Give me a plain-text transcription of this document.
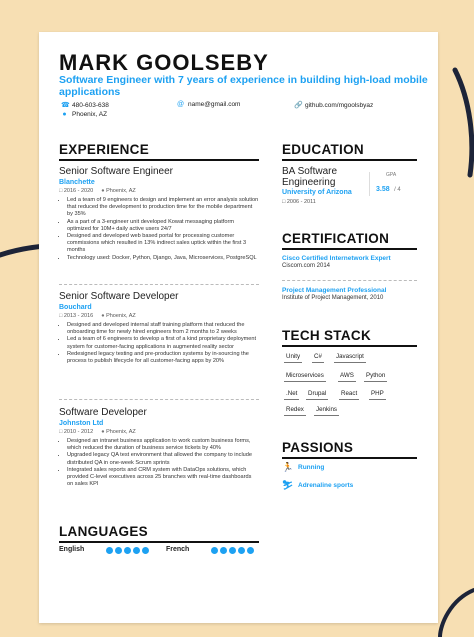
MARK GOOLSEBY
Software Engineer with 7 years of experience in building high-load mobile applications
☎ 480-603-638	@ name@gmail.com	🔗 github.com/mgoolsbyaz
● Phoenix, AZ
EXPERIENCE
Senior Software Engineer
Blanchette
□ 2016 - 2020 ● Phoenix, AZ
• Led a team of 9 engineers to design and implement an error analysis solution that reduced the development to production time for the mobile department by 35%
• As a part of a 3-engineer unit developed Kowat messaging platform optimized for 10M+ daily active users 24/7
• Designed and developed web based portal for processing customer commissions which resulted in 13% indirect sales uptick within the first 3 months
• Technology used: Docker, Python, Django, Java, Microservices, PostgreSQL
Senior Software Developer
Bouchard
□ 2013 - 2016 ● Phoenix, AZ
• Designed and developed internal staff training platform that reduced the onboarding time for newly hired engineers from 2 months to 2 weeks
• Led a team of 6 engineers to develop a first of a kind proprietary deployment system for customer-facing applications in augmented reality sector
• Redesigned legacy testing and pre-production systems by in-sourcing the process to publish lifecycle for all customer-facing apps by 20%
Software Developer
Johnston Ltd
□ 2010 - 2012 ● Phoenix, AZ
• Designed an intranet business application to work custom business forms, which reduced the duration of business service tickets by 40%
• Upgraded legacy QA test environment that allowed the company to include distributed QA in one-week Scrum sprints
• Integrated sales reports and CRM system with DataOps solutions, which provided C-level executives across 25 branches with real-time dashboards on sales KPI
LANGUAGES
English	French
EDUCATION
BA Software Engineering
University of Arizona
□ 2006 - 2011
GPA
3.58 / 4
CERTIFICATION
Cisco Certified Internetwork Expert
Ciscom.com 2014
Project Management Professional
Institute of Project Management, 2010
TECH STACK
Unity	C#	Javascript
Microservices	AWS	Python
.Net	Drupal	React	PHP
Redex	Jenkins
PASSIONS
🏃 Running
⛷ Adrenaline sports
